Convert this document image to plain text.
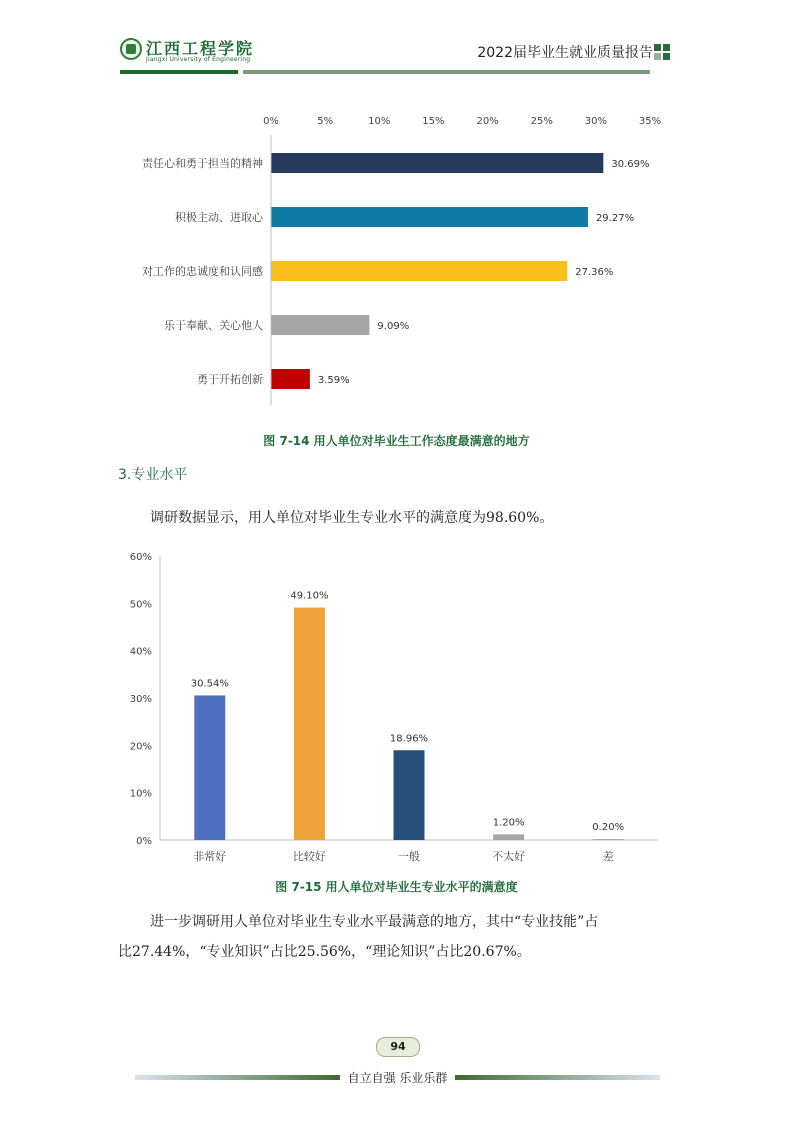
江西工程学院
Jiangxi University of Engineering	2022届毕业生就业质量报告
0%	5%	10%	15%	20%	25%	30%	35%
责任心和勇于担当的精神	30.69%
积极主动、进取心	29.27%
对工作的忠诚度和认同感	27.36%
乐于奉献、关心他人	9.09%
勇于开拓创新	3.59%
图 7-14 用人单位对毕业生工作态度最满意的地方
3.专业水平
调研数据显示，用人单位对毕业生专业水平的满意度为98.60%。
0%
10%
20%
30%
40%
50%
60%
30.54%
非常好
49.10%
比较好
18.96%
一般
1.20%
不太好
0.20%
差
图 7-15 用人单位对毕业生专业水平的满意度
进一步调研用人单位对毕业生专业水平最满意的地方，其中“专业技能”占
比27.44%，“专业知识”占比25.56%，“理论知识”占比20.67%。
94
自立自强 乐业乐群
